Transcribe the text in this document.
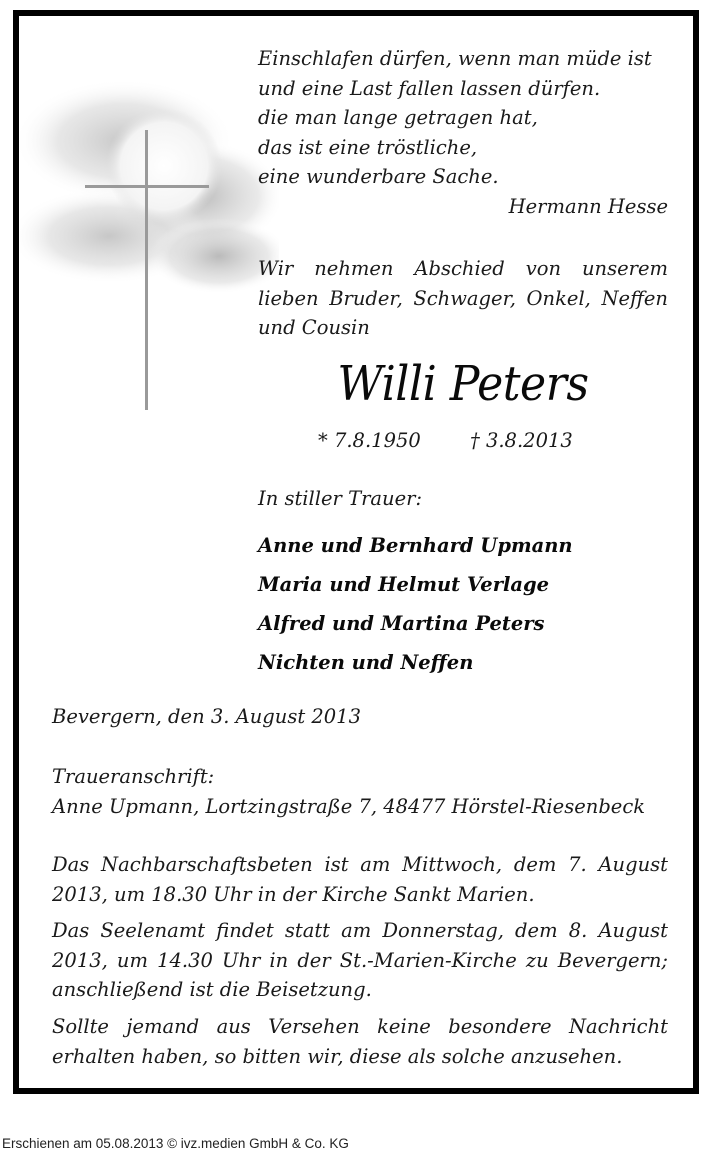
Einschlafen dürfen, wenn man müde ist
und eine Last fallen lassen dürfen.
die man lange getragen hat,
das ist eine tröstliche,
eine wunderbare Sache.
Hermann Hesse
Wir nehmen Abschied von unserem lieben Bruder, Schwager, Onkel, Neffen und Cousin
Willi Peters
* 7.8.1950	† 3.8.2013
In stiller Trauer:
Anne und Bernhard Upmann
Maria und Helmut Verlage
Alfred und Martina Peters
Nichten und Neffen
Bevergern, den 3. August 2013
Traueranschrift:
Anne Upmann, Lortzingstraße 7, 48477 Hörstel-Riesenbeck

Das Nachbarschaftsbeten ist am Mittwoch, dem 7. August 2013, um 18.30 Uhr in der Kirche Sankt Marien.

Das Seelenamt findet statt am Donnerstag, dem 8. August 2013, um 14.30 Uhr in der St.-Marien-Kirche zu Bevergern; anschließend ist die Beisetzung.

Sollte jemand aus Versehen keine besondere Nachricht erhalten haben, so bitten wir, diese als solche anzusehen.

Erschienen am 05.08.2013 © ivz.medien GmbH & Co. KG
